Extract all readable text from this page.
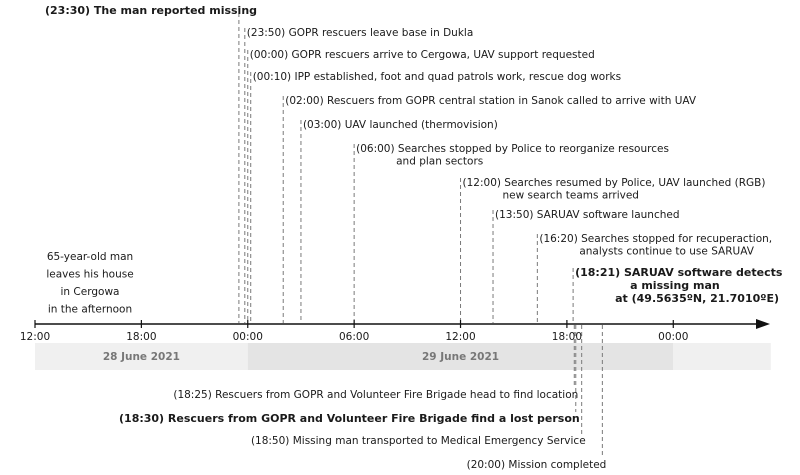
28 June 2021	29 June 2021
12:00	18:00	00:00	06:00	12:00	18:00	00:00
(23:30) The man reported missing
(23:50) GOPR rescuers leave base in Dukla
(00:00) GOPR rescuers arrive to Cergowa, UAV support requested
(00:10) IPP established, foot and quad patrols work, rescue dog works
(02:00) Rescuers from GOPR central station in Sanok called to arrive with UAV
(03:00) UAV launched (thermovision)
(06:00) Searches stopped by Police to reorganize resources
and plan sectors
(12:00) Searches resumed by Police, UAV launched (RGB)
new search teams arrived
(13:50) SARUAV software launched
(16:20) Searches stopped for recuperaction,
analysts continue to use SARUAV
(18:21) SARUAV software detects
a missing man
at (49.5635ºN, 21.7010ºE)
(18:25) Rescuers from GOPR and Volunteer Fire Brigade head to find location
(18:30) Rescuers from GOPR and Volunteer Fire Brigade find a lost person
(18:50) Missing man transported to Medical Emergency Service
(20:00) Mission completed
65-year-old man
leaves his house
in Cergowa
in the afternoon
